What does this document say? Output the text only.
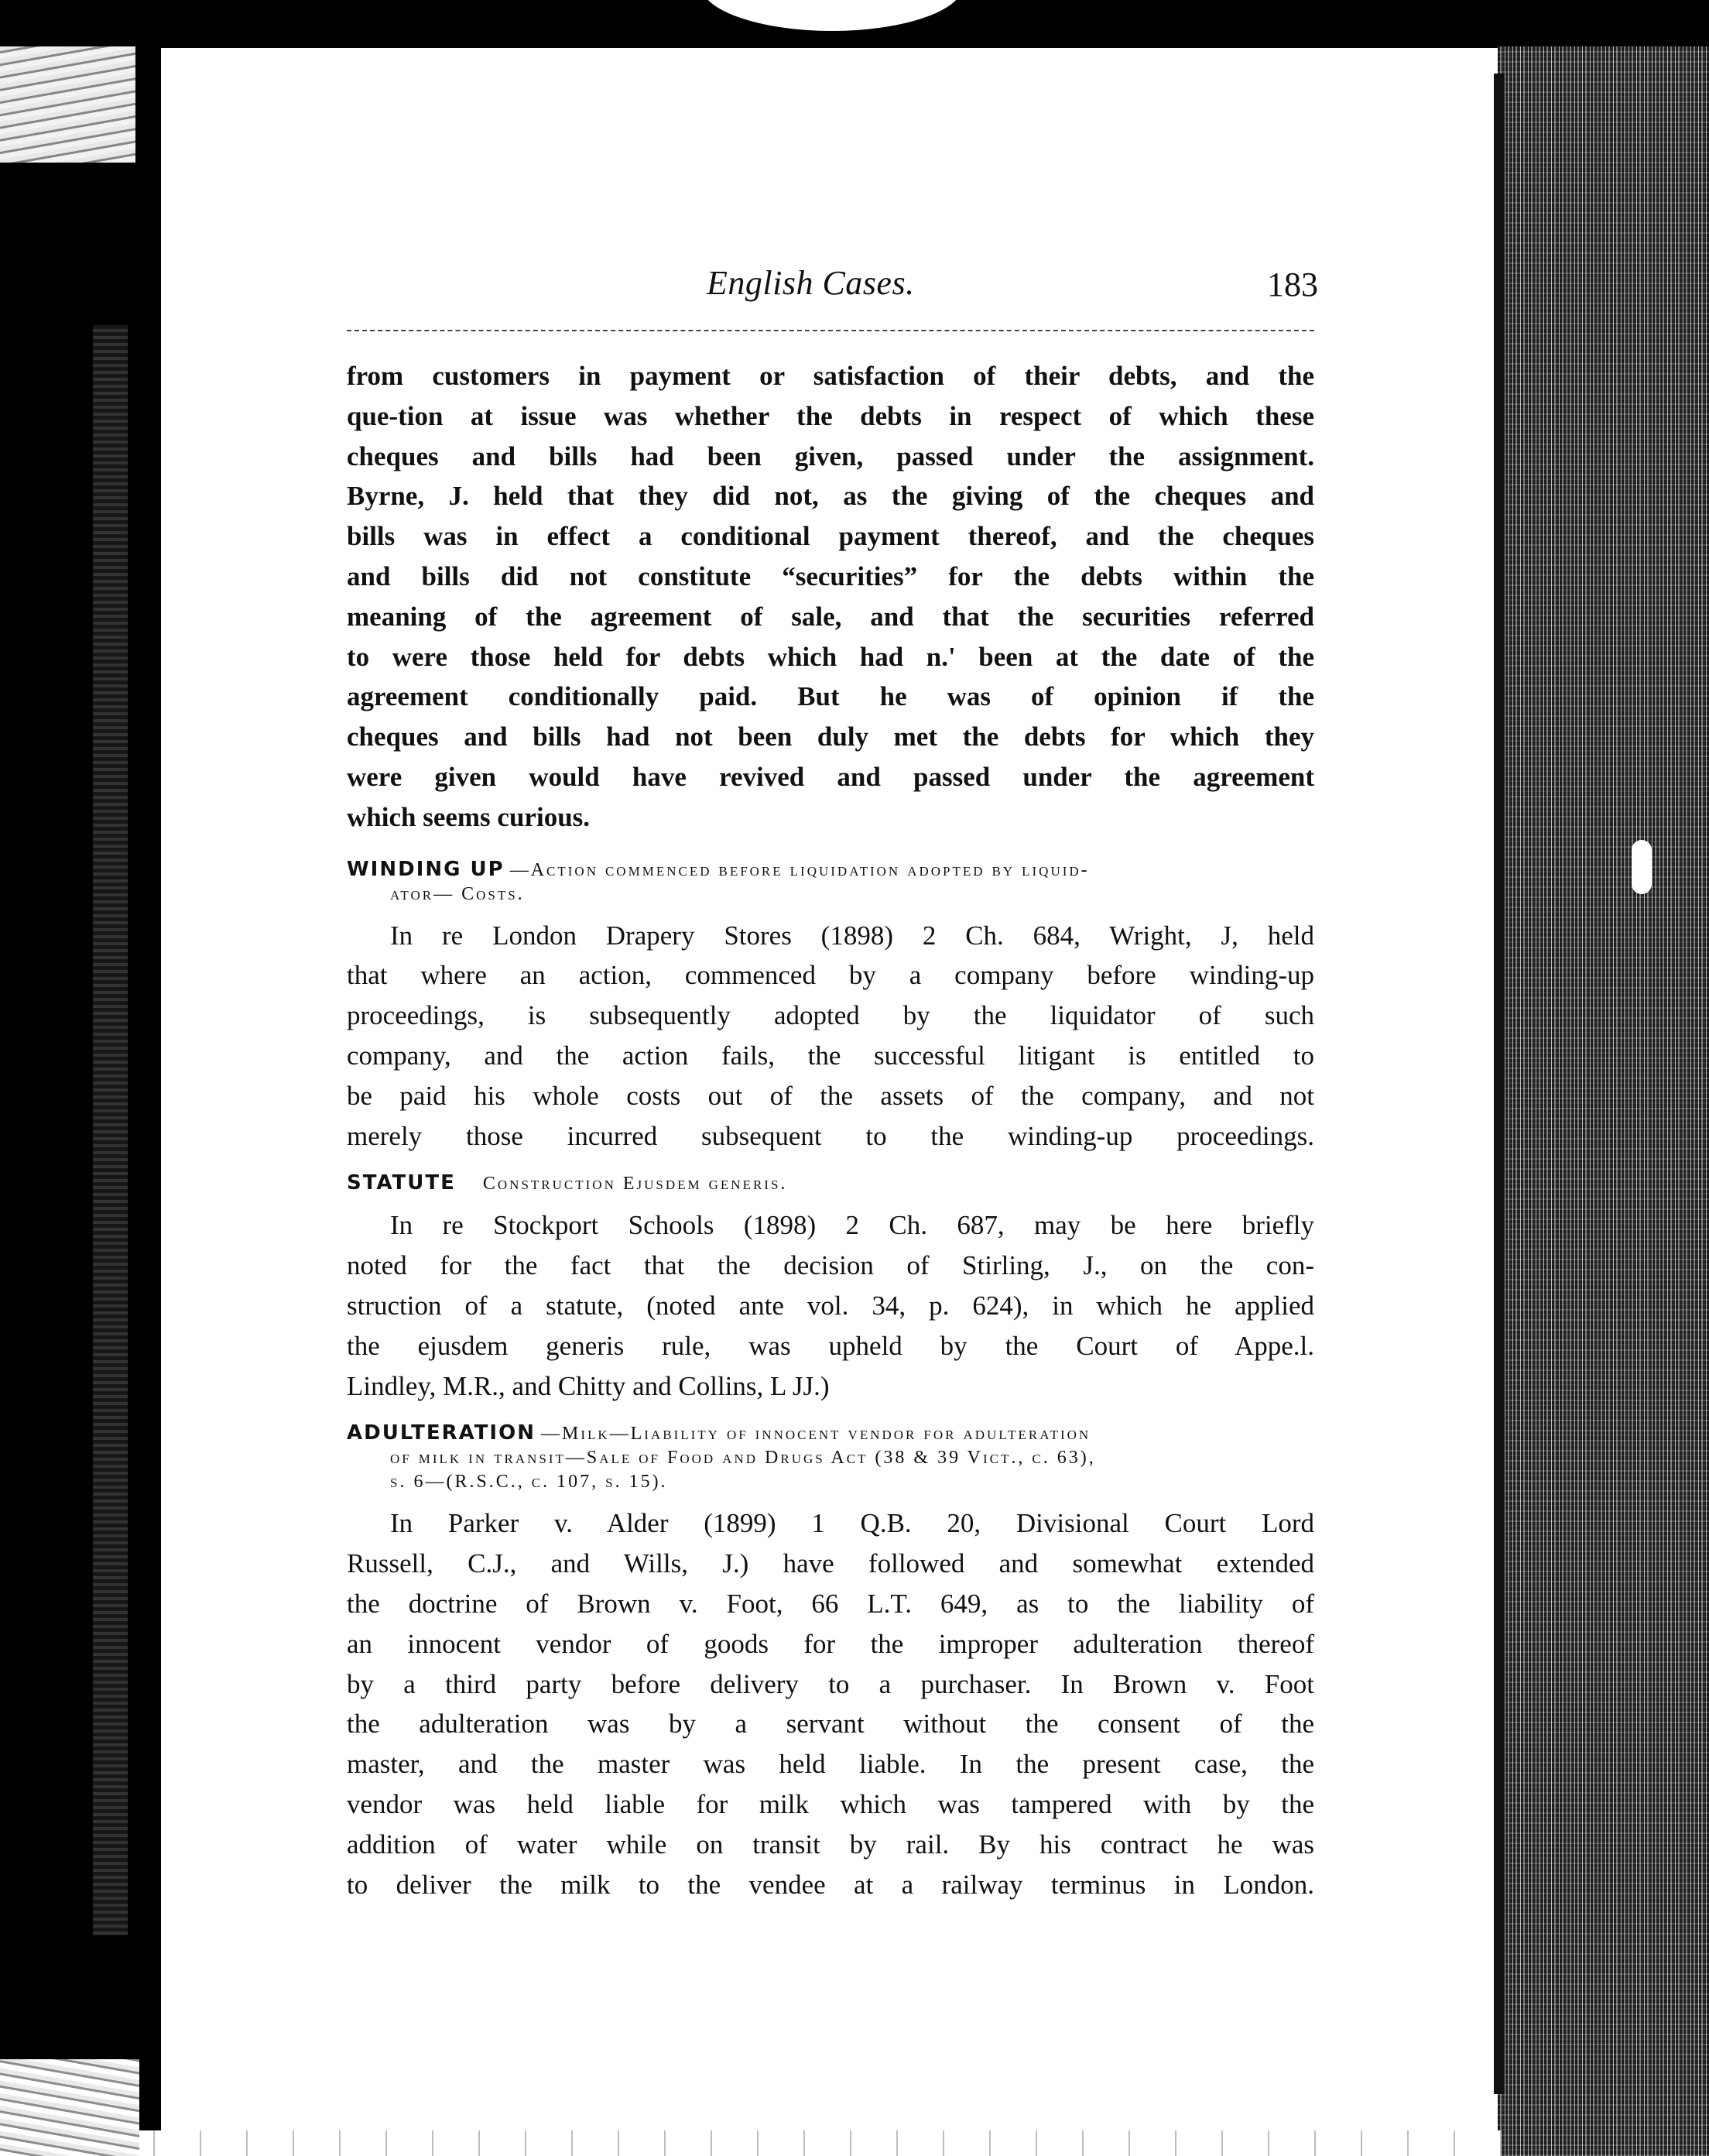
English Cases.	183
from customers in payment or satisfaction of their debts, and the
que-tion at issue was whether the debts in respect of which these
cheques and bills had been given, passed under the assignment.
Byrne, J. held that they did not, as the giving of the cheques and
bills was in effect a conditional payment thereof, and the cheques
and bills did not constitute “securities” for the debts within the
meaning of the agreement of sale, and that the securities referred
to were those held for debts which had n.' been at the date of the
agreement conditionally paid. But he was of opinion if the
cheques and bills had not been duly met the debts for which they
were given would have revived and passed under the agreement
which seems curious.
WINDING UP —Action commenced before liquidation adopted by liquid-
ator— Costs.
In re London Drapery Stores (1898) 2 Ch. 684, Wright, J, held
that where an action, commenced by a company before winding-up
proceedings, is subsequently adopted by the liquidator of such
company, and the action fails, the successful litigant is entitled to
be paid his whole costs out of the assets of the company, and not
merely those incurred subsequent to the winding-up proceedings.
STATUTE Construction Ejusdem generis.
In re Stockport Schools (1898) 2 Ch. 687, may be here briefly
noted for the fact that the decision of Stirling, J., on the con-
struction of a statute, (noted ante vol. 34, p. 624), in which he applied
the ejusdem generis rule, was upheld by the Court of Appe.l.
Lindley, M.R., and Chitty and Collins, L JJ.)
ADULTERATION —Milk—Liability of innocent vendor for adulteration
of milk in transit—Sale of Food and Drugs Act (38 & 39 Vict., c. 63),
s. 6—(R.S.C., c. 107, s. 15).
In Parker v. Alder (1899) 1 Q.B. 20, Divisional Court Lord
Russell, C.J., and Wills, J.) have followed and somewhat extended
the doctrine of Brown v. Foot, 66 L.T. 649, as to the liability of
an innocent vendor of goods for the improper adulteration thereof
by a third party before delivery to a purchaser. In Brown v. Foot
the adulteration was by a servant without the consent of the
master, and the master was held liable. In the present case, the
vendor was held liable for milk which was tampered with by the
addition of water while on transit by rail. By his contract he was
to deliver the milk to the vendee at a railway terminus in London.
